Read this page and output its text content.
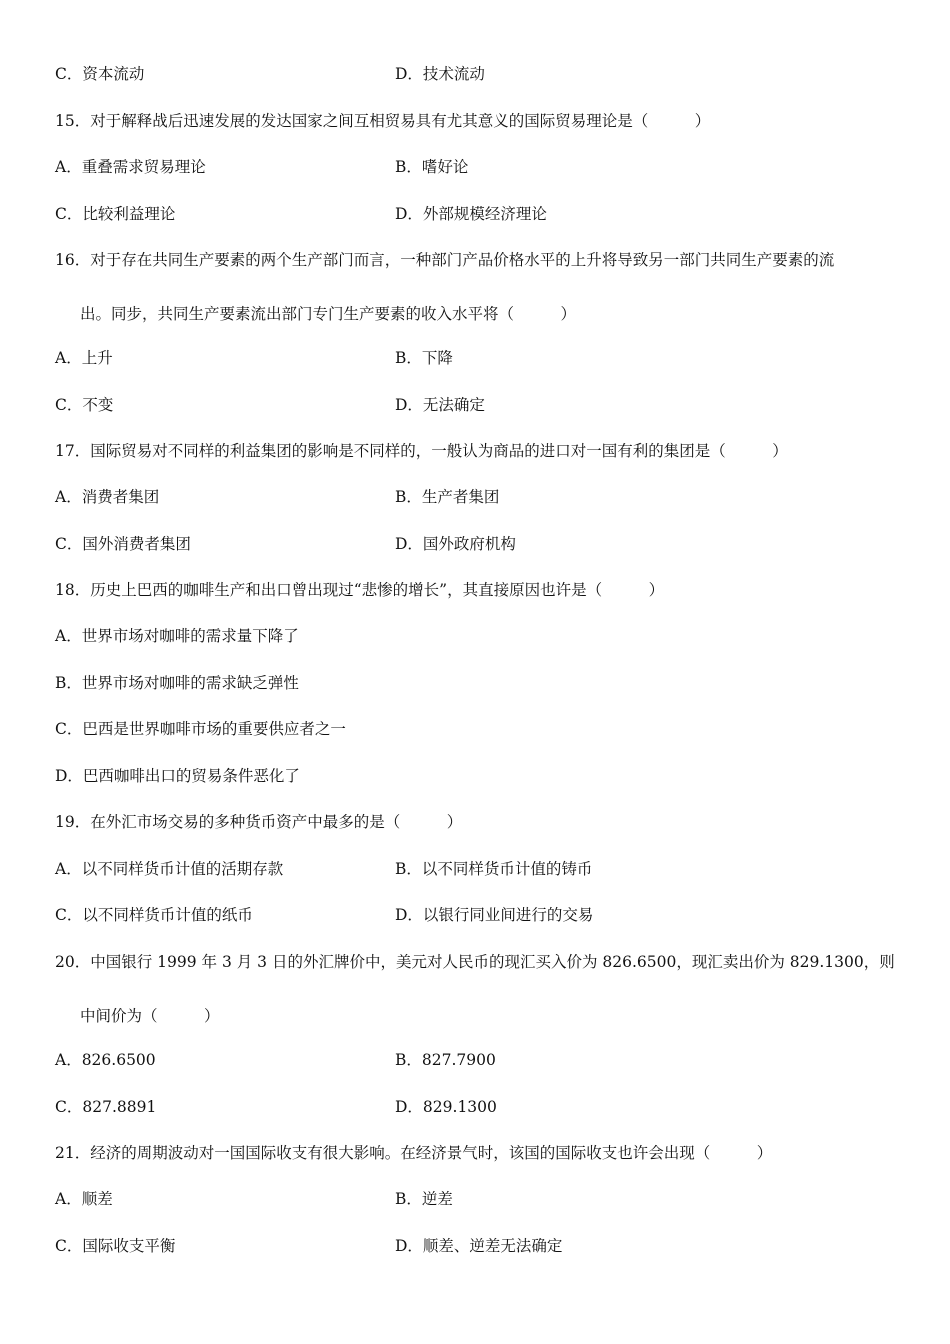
C．资本流动	D．技术流动
15．对于解释战后迅速发展的发达国家之间互相贸易具有尤其意义的国际贸易理论是（　　　）
A．重叠需求贸易理论	B．嗜好论
C．比较利益理论	D．外部规模经济理论
16．对于存在共同生产要素的两个生产部门而言，一种部门产品价格水平的上升将导致另一部门共同生产要素的流
出。同步，共同生产要素流出部门专门生产要素的收入水平将（　　　）
A．上升	B．下降
C．不变	D．无法确定
17．国际贸易对不同样的利益集团的影响是不同样的，一般认为商品的进口对一国有利的集团是（　　　）
A．消费者集团	B．生产者集团
C．国外消费者集团	D．国外政府机构
18．历史上巴西的咖啡生产和出口曾出现过“悲惨的增长”，其直接原因也许是（　　　）
A．世界市场对咖啡的需求量下降了
B．世界市场对咖啡的需求缺乏弹性
C．巴西是世界咖啡市场的重要供应者之一
D．巴西咖啡出口的贸易条件恶化了
19．在外汇市场交易的多种货币资产中最多的是（　　　）
A．以不同样货币计值的活期存款	B．以不同样货币计值的铸币
C．以不同样货币计值的纸币	D．以银行同业间进行的交易
20．中国银行 1999 年 3 月 3 日的外汇牌价中，美元对人民币的现汇买入价为 826.6500，现汇卖出价为 829.1300，则
中间价为（　　　）
A．826.6500	B．827.7900
C．827.8891	D．829.1300
21．经济的周期波动对一国国际收支有很大影响。在经济景气时，该国的国际收支也许会出现（　　　）
A．顺差	B．逆差
C．国际收支平衡	D．顺差、逆差无法确定
